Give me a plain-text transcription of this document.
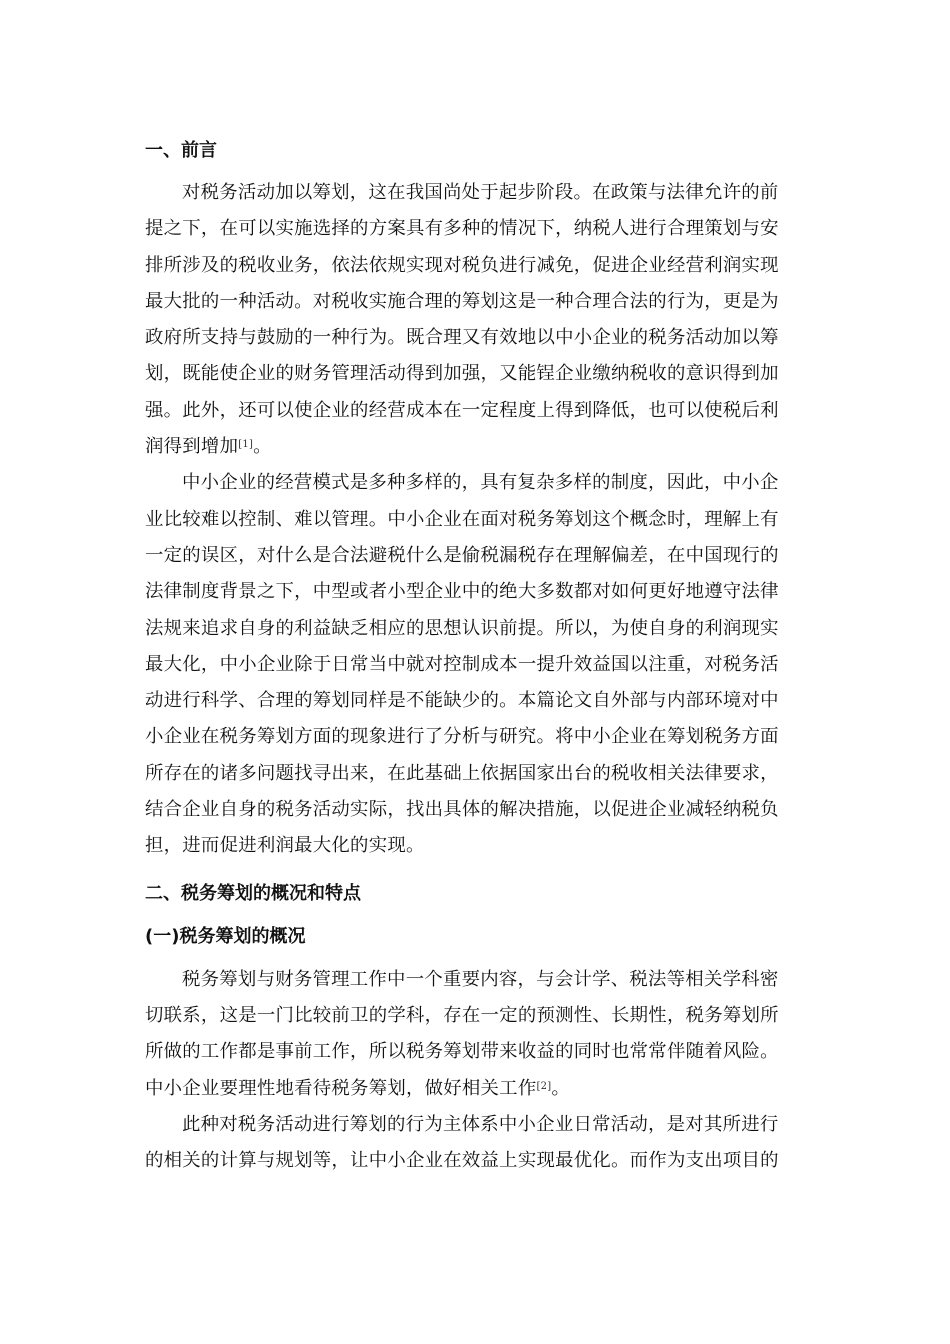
一、前言

对税务活动加以筹划，这在我国尚处于起步阶段。在政策与法律允许的前
提之下，在可以实施选择的方案具有多种的情况下，纳税人进行合理策划与安
排所涉及的税收业务，依法依规实现对税负进行减免，促进企业经营利润实现
最大批的一种活动。对税收实施合理的筹划这是一种合理合法的行为，更是为
政府所支持与鼓励的一种行为。既合理又有效地以中小企业的税务活动加以筹
划，既能使企业的财务管理活动得到加强，又能锃企业缴纳税收的意识得到加
强。此外，还可以使企业的经营成本在一定程度上得到降低，也可以使税后利
润得到增加[1]。

中小企业的经营模式是多种多样的，具有复杂多样的制度，因此，中小企
业比较难以控制、难以管理。中小企业在面对税务筹划这个概念时，理解上有
一定的误区，对什么是合法避税什么是偷税漏税存在理解偏差，在中国现行的
法律制度背景之下，中型或者小型企业中的绝大多数都对如何更好地遵守法律
法规来追求自身的利益缺乏相应的思想认识前提。所以，为使自身的利润现实
最大化，中小企业除于日常当中就对控制成本一提升效益国以注重，对税务活
动进行科学、合理的筹划同样是不能缺少的。本篇论文自外部与内部环境对中
小企业在税务筹划方面的现象进行了分析与研究。将中小企业在筹划税务方面
所存在的诸多问题找寻出来，在此基础上依据国家出台的税收相关法律要求，
结合企业自身的税务活动实际，找出具体的解决措施，以促进企业减轻纳税负
担，进而促进利润最大化的实现。

二、税务筹划的概况和特点
(一)税务筹划的概况

税务筹划与财务管理工作中一个重要内容，与会计学、税法等相关学科密
切联系，这是一门比较前卫的学科，存在一定的预测性、长期性，税务筹划所
所做的工作都是事前工作，所以税务筹划带来收益的同时也常常伴随着风险。
中小企业要理性地看待税务筹划，做好相关工作[2]。

此种对税务活动进行筹划的行为主体系中小企业日常活动，是对其所进行
的相关的计算与规划等，让中小企业在效益上实现最优化。而作为支出项目的
